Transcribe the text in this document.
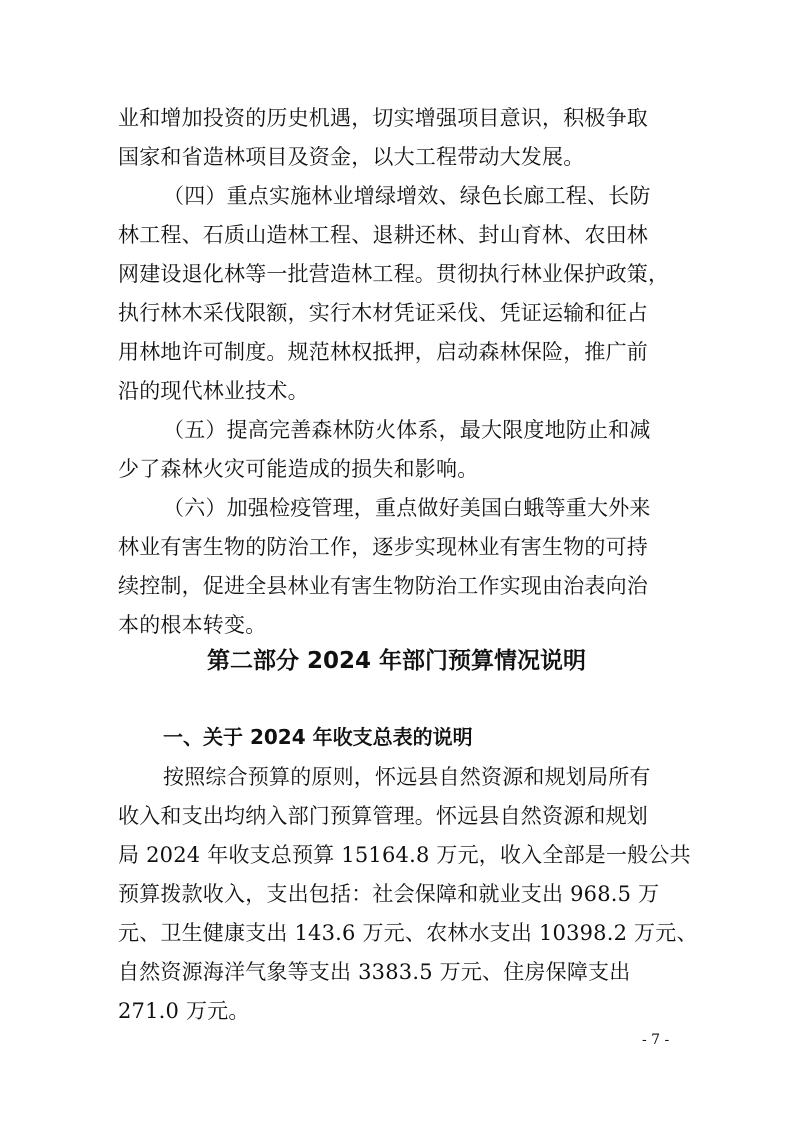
业和增加投资的历史机遇，切实增强项目意识，积极争取
国家和省造林项目及资金，以大工程带动大发展。
（四）重点实施林业增绿增效、绿色长廊工程、长防
林工程、石质山造林工程、退耕还林、封山育林、农田林
网建设退化林等一批营造林工程。贯彻执行林业保护政策，
执行林木采伐限额，实行木材凭证采伐、凭证运输和征占
用林地许可制度。规范林权抵押，启动森林保险，推广前
沿的现代林业技术。
（五）提高完善森林防火体系，最大限度地防止和减
少了森林火灾可能造成的损失和影响。
（六）加强检疫管理，重点做好美国白蛾等重大外来
林业有害生物的防治工作，逐步实现林业有害生物的可持
续控制，促进全县林业有害生物防治工作实现由治表向治
本的根本转变。
第二部分 2024 年部门预算情况说明
一、关于 2024 年收支总表的说明
按照综合预算的原则，怀远县自然资源和规划局所有
收入和支出均纳入部门预算管理。怀远县自然资源和规划
局 2024 年收支总预算 15164.8 万元，收入全部是一般公共
预算拨款收入，支出包括：社会保障和就业支出 968.5 万
元、卫生健康支出 143.6 万元、农林水支出 10398.2 万元、
自然资源海洋气象等支出 3383.5 万元、住房保障支出
271.0 万元。
- 7 -
